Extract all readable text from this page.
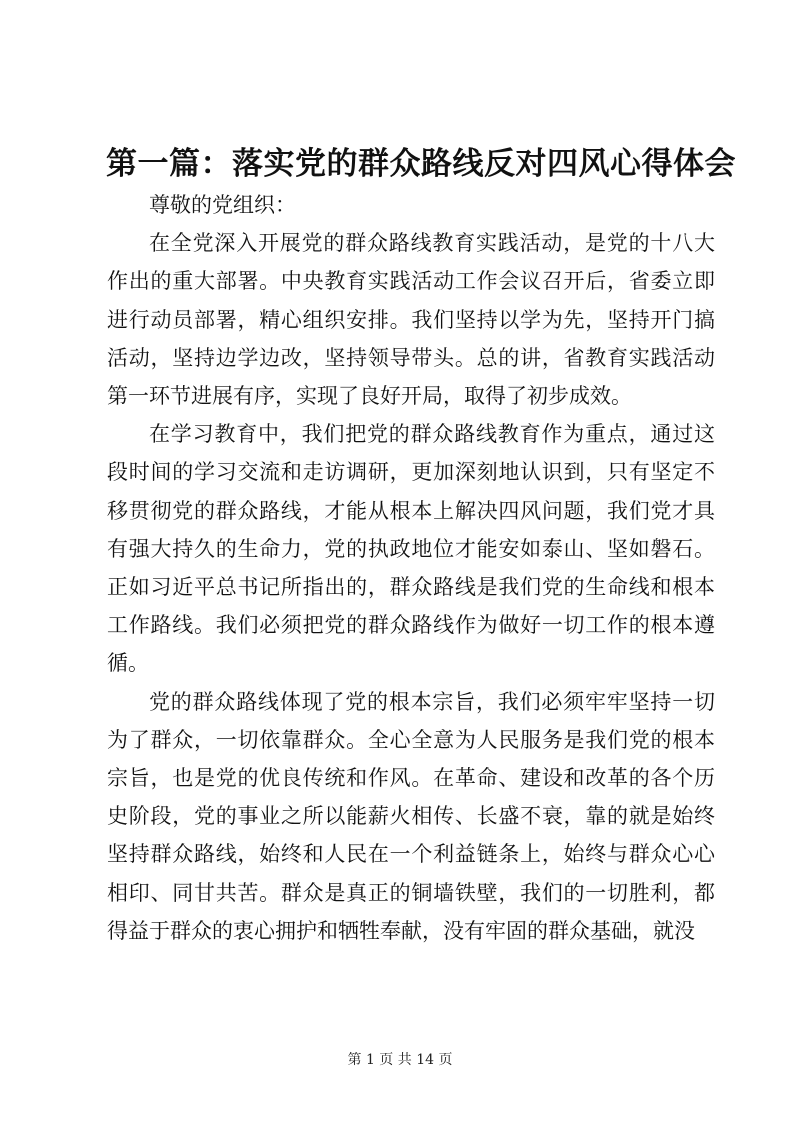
第一篇：落实党的群众路线反对四风心得体会

尊敬的党组织：

在全党深入开展党的群众路线教育实践活动，是党的十八大作出的重大部署。中央教育实践活动工作会议召开后，省委立即进行动员部署，精心组织安排。我们坚持以学为先，坚持开门搞活动，坚持边学边改，坚持领导带头。总的讲，省教育实践活动第一环节进展有序，实现了良好开局，取得了初步成效。

在学习教育中，我们把党的群众路线教育作为重点，通过这段时间的学习交流和走访调研，更加深刻地认识到，只有坚定不移贯彻党的群众路线，才能从根本上解决四风问题，我们党才具有强大持久的生命力，党的执政地位才能安如泰山、坚如磐石。正如习近平总书记所指出的，群众路线是我们党的生命线和根本工作路线。我们必须把党的群众路线作为做好一切工作的根本遵循。

党的群众路线体现了党的根本宗旨，我们必须牢牢坚持一切为了群众，一切依靠群众。全心全意为人民服务是我们党的根本宗旨，也是党的优良传统和作风。在革命、建设和改革的各个历史阶段，党的事业之所以能薪火相传、长盛不衰，靠的就是始终坚持群众路线，始终和人民在一个利益链条上，始终与群众心心相印、同甘共苦。群众是真正的铜墙铁壁，我们的一切胜利，都得益于群众的衷心拥护和牺牲奉献，没有牢固的群众基础，就没

第 1 页 共 14 页
